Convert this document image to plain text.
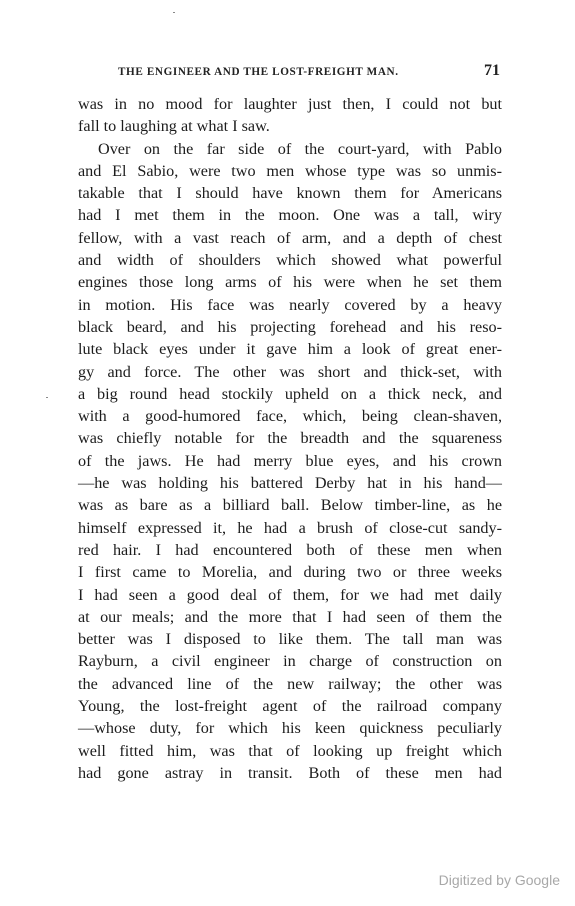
THE ENGINEER AND THE LOST-FREIGHT MAN.	71
was in no mood for laughter just then, I could not but
fall to laughing at what I saw.
Over on the far side of the court-yard, with Pablo
and El Sabio, were two men whose type was so unmis-
takable that I should have known them for Americans
had I met them in the moon. One was a tall, wiry
fellow, with a vast reach of arm, and a depth of chest
and width of shoulders which showed what powerful
engines those long arms of his were when he set them
in motion. His face was nearly covered by a heavy
black beard, and his projecting forehead and his reso-
lute black eyes under it gave him a look of great ener-
gy and force. The other was short and thick-set, with
a big round head stockily upheld on a thick neck, and
with a good-humored face, which, being clean-shaven,
was chiefly notable for the breadth and the squareness
of the jaws. He had merry blue eyes, and his crown
—he was holding his battered Derby hat in his hand—
was as bare as a billiard ball. Below timber-line, as he
himself expressed it, he had a brush of close-cut sandy-
red hair. I had encountered both of these men when
I first came to Morelia, and during two or three weeks
I had seen a good deal of them, for we had met daily
at our meals; and the more that I had seen of them the
better was I disposed to like them. The tall man was
Rayburn, a civil engineer in charge of construction on
the advanced line of the new railway; the other was
Young, the lost-freight agent of the railroad company
—whose duty, for which his keen quickness peculiarly
well fitted him, was that of looking up freight which
had gone astray in transit. Both of these men had
Digitized by Google
